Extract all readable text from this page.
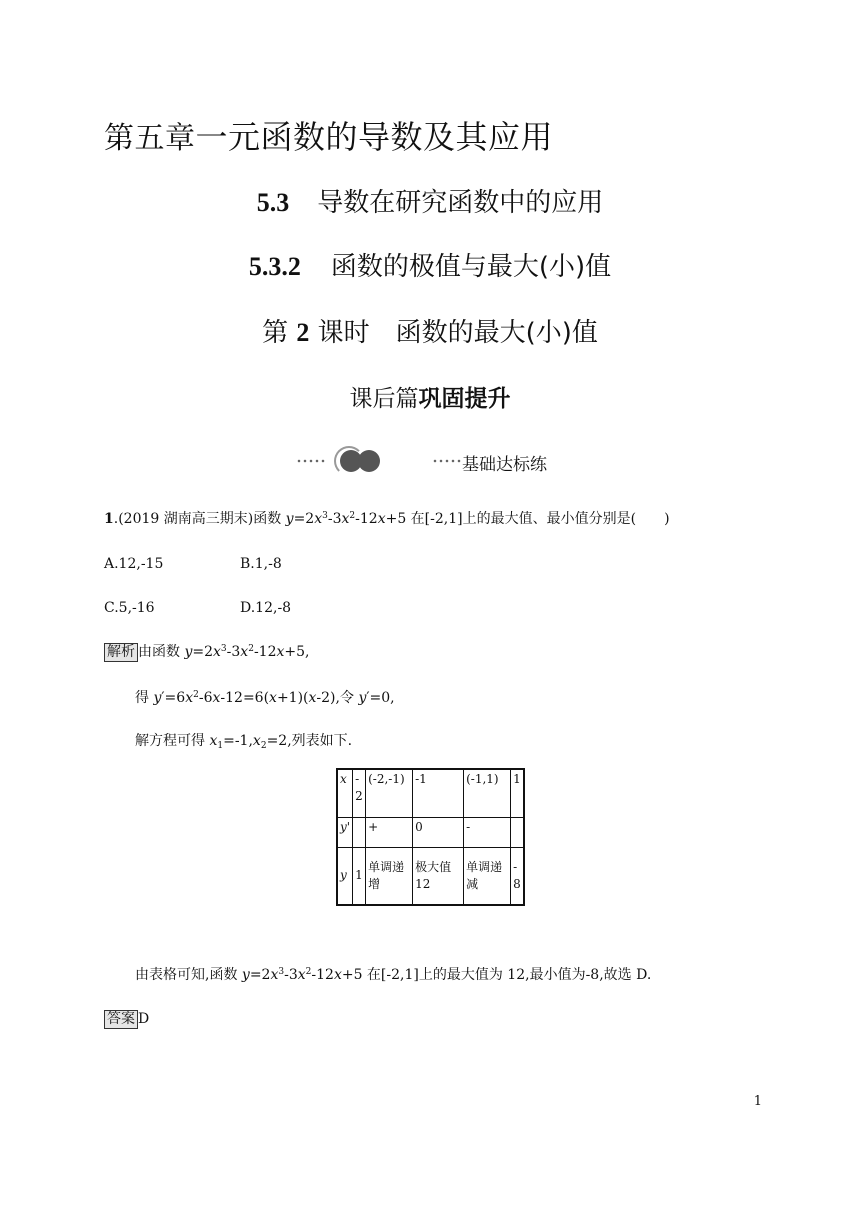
第五章一元函数的导数及其应用
5.3 导数在研究函数中的应用
5.3.2 函数的极值与最大(小)值
第 2 课时　函数的最大(小)值
课后篇巩固提升
基础达标练
1.(2019 湖南高三期末)函数 $y=2x^3-3x^2-12x+5$ 在[-2,1]上的最大值、最小值分别是(　　)
A.12,-15	B.1,-8
C.5,-16	D.12,-8
解析 由函数 $y=2x^3-3x^2-12x+5$,
得 $y'=6x^2-6x-12=6(x+1)(x-2)$,令 y′=0,
解方程可得 $x_1=-1,x_2=2$,列表如下.
x	-2	(-2,-1)	-1	(-1,1)	1
y'		+	0	-	
y	1	单调递增	极大值 12	单调递减	-8
由表格可知,函数 $y=2x^3-3x^2-12x+5$ 在[-2,1]上的最大值为 12,最小值为-8,故选 D.
答案 D
1
